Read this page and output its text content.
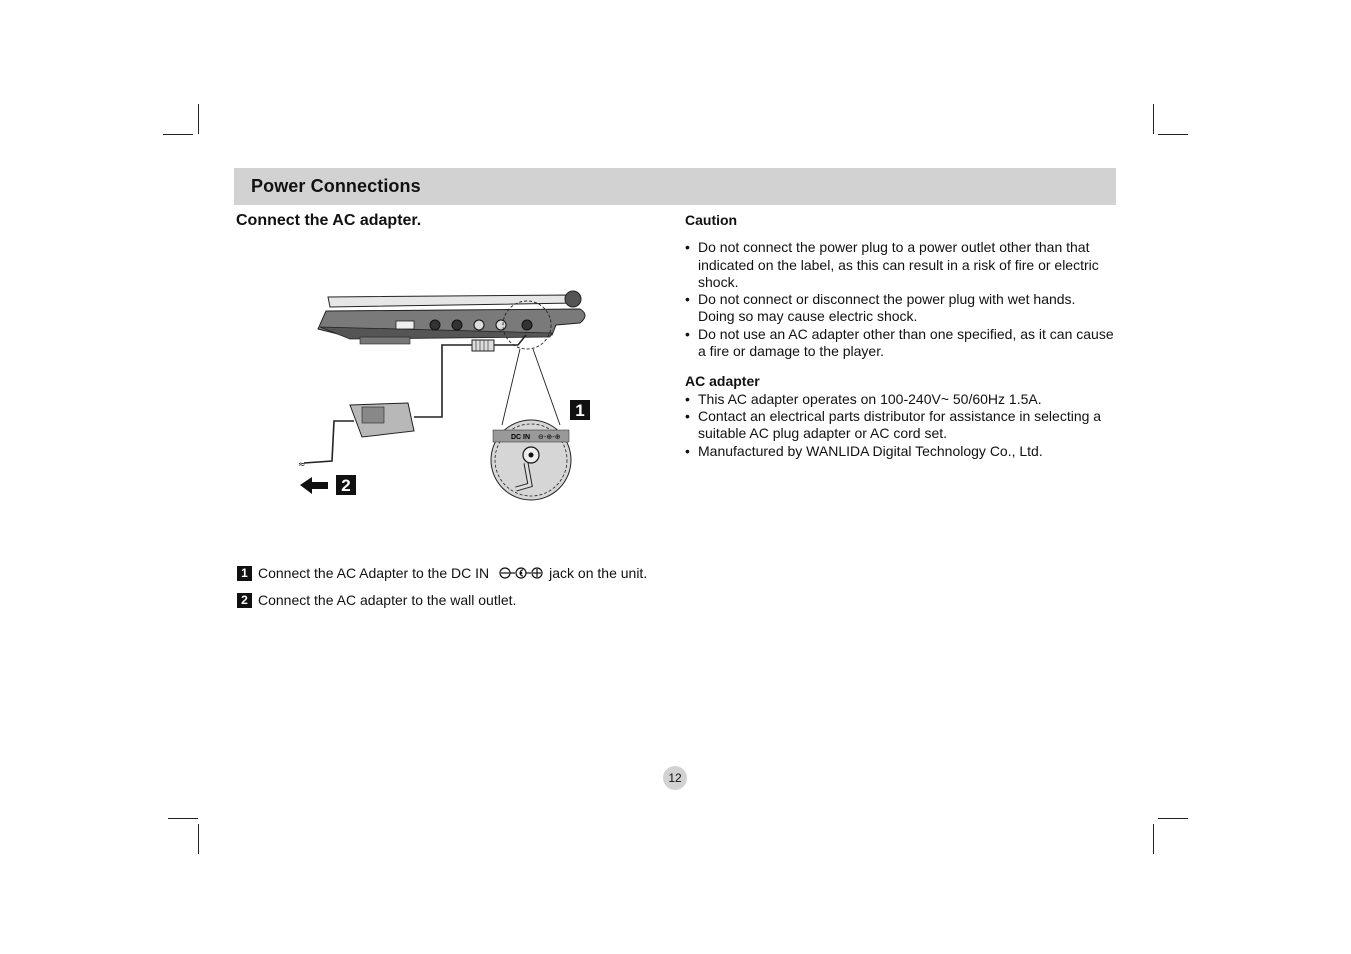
Power Connections
Connect the AC adapter.
≈
2
DC IN ⊖-⊕-⊕
1
1 Connect the AC Adapter to the DC IN	jack on the unit.
2 Connect the AC adapter to the wall outlet.
Caution
• Do not connect the power plug to a power outlet other than that indicated on the label, as this can result in a risk of fire or electric shock.
• Do not connect or disconnect the power plug with wet hands. Doing so may cause electric shock.
• Do not use an AC adapter other than one specified, as it can cause a fire or damage to the player.
AC adapter
• This AC adapter operates on 100-240V~ 50/60Hz 1.5A.
• Contact an electrical parts distributor for assistance in selecting a suitable AC plug adapter or AC cord set.
• Manufactured by WANLIDA Digital Technology Co., Ltd.
12
